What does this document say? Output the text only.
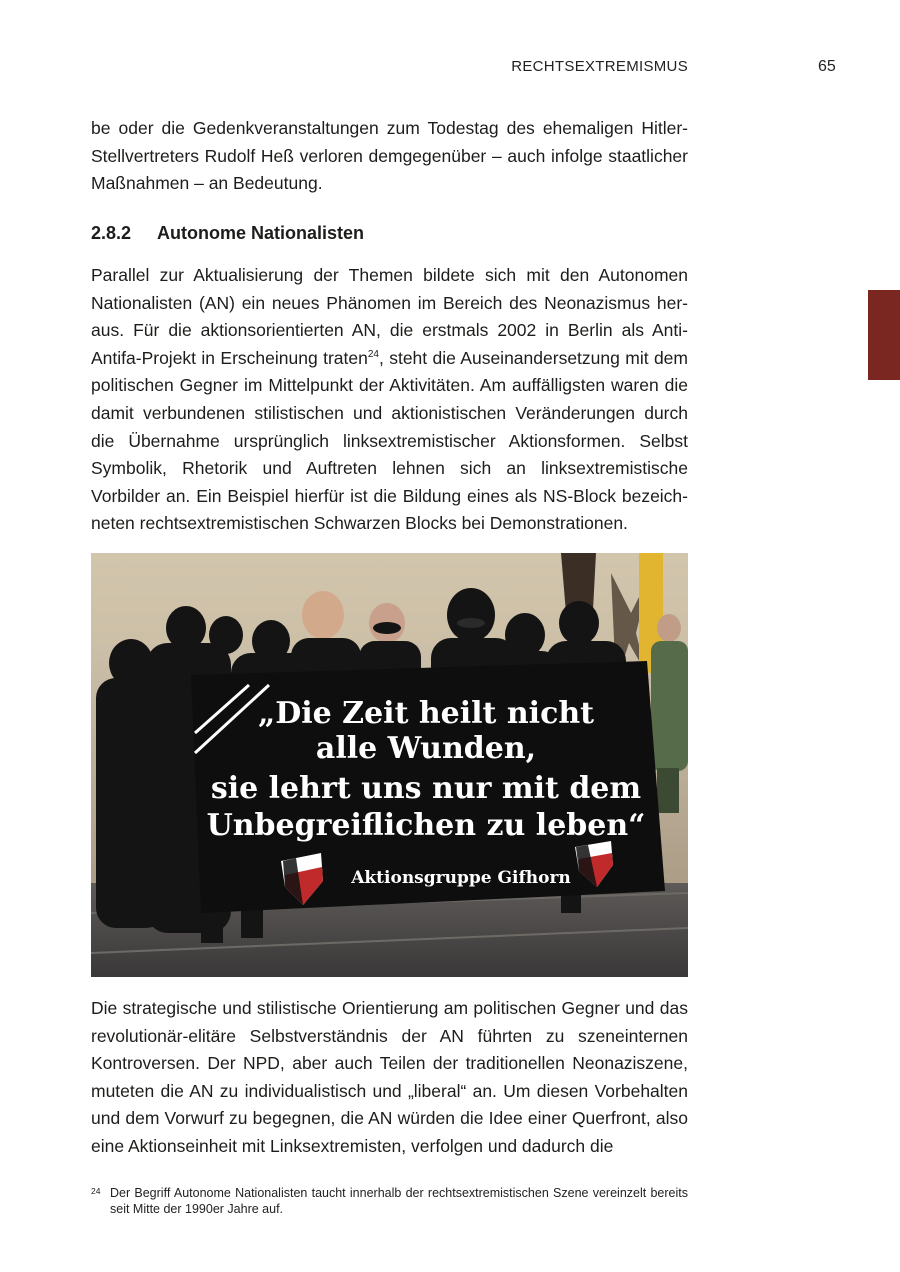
RECHTSEXTREMISMUS	65

be oder die Gedenkveranstaltungen zum Todestag des ehemaligen Hitler-Stellvertreters Rudolf Heß verloren demgegenüber – auch infolge staatlicher Maßnahmen – an Bedeutung.

2.8.2 Autonome Nationalisten

Parallel zur Aktualisierung der Themen bildete sich mit den Autonomen Nationalisten (AN) ein neues Phänomen im Bereich des Neonazismus heraus. Für die aktionsorientierten AN, die erstmals 2002 in Berlin als Anti-Antifa-Projekt in Erscheinung traten$^{24}$, steht die Auseinandersetzung mit dem politischen Gegner im Mittelpunkt der Aktivitäten. Am auffälligsten waren die damit verbundenen stilistischen und aktionistischen Veränderungen durch die Übernahme ursprünglich linksextremistischer Aktionsformen. Selbst Symbolik, Rhetorik und Auftreten lehnen sich an linksextremistische Vorbilder an. Ein Beispiel hierfür ist die Bildung eines als NS-Block bezeichneten rechtsextremistischen Schwarzen Blocks bei Demonstrationen.

„Die Zeit heilt nicht
alle Wunden,
sie lehrt uns nur mit dem
Unbegreiflichen zu leben“
Aktionsgruppe Gifhorn

Die strategische und stilistische Orientierung am politischen Gegner und das revolutionär-elitäre Selbstverständnis der AN führten zu szeneinternen Kontroversen. Der NPD, aber auch Teilen der traditionellen Neonaziszene, muteten die AN zu individualistisch und „liberal“ an. Um diesen Vorbehalten und dem Vorwurf zu begegnen, die AN würden die Idee einer Querfront, also eine Aktionseinheit mit Linksextremisten, verfolgen und dadurch die

24 Der Begriff Autonome Nationalisten taucht innerhalb der rechtsextremistischen Szene vereinzelt bereits seit Mitte der 1990er Jahre auf.
